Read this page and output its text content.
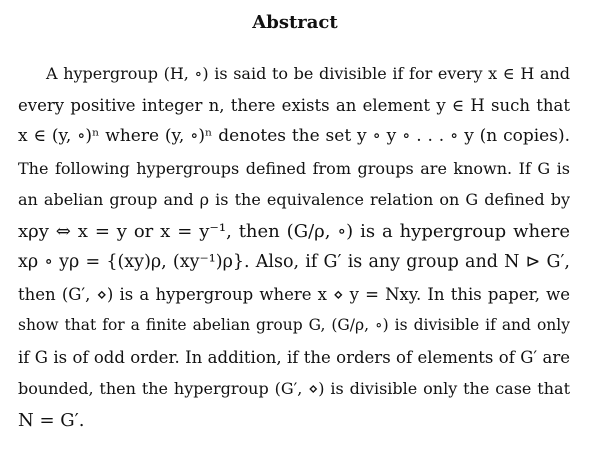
Abstract
A hypergroup (H, ∘) is said to be divisible if for every x ∈ H and
every positive integer n, there exists an element y ∈ H such that
x ∈ (y, ∘)ⁿ where (y, ∘)ⁿ denotes the set y ∘ y ∘ . . . ∘ y (n copies).
The following hypergroups defined from groups are known. If G is
an abelian group and ρ is the equivalence relation on G defined by
xρy ⇔ x = y or x = y⁻¹, then (G/ρ, ∘) is a hypergroup where
xρ ∘ yρ = {(xy)ρ, (xy⁻¹)ρ}. Also, if G′ is any group and N ⊳ G′,
then (G′, ⋄) is a hypergroup where x ⋄ y = Nxy. In this paper, we
show that for a finite abelian group G, (G/ρ, ∘) is divisible if and only
if G is of odd order. In addition, if the orders of elements of G′ are
bounded, then the hypergroup (G′, ⋄) is divisible only the case that
N = G′.
